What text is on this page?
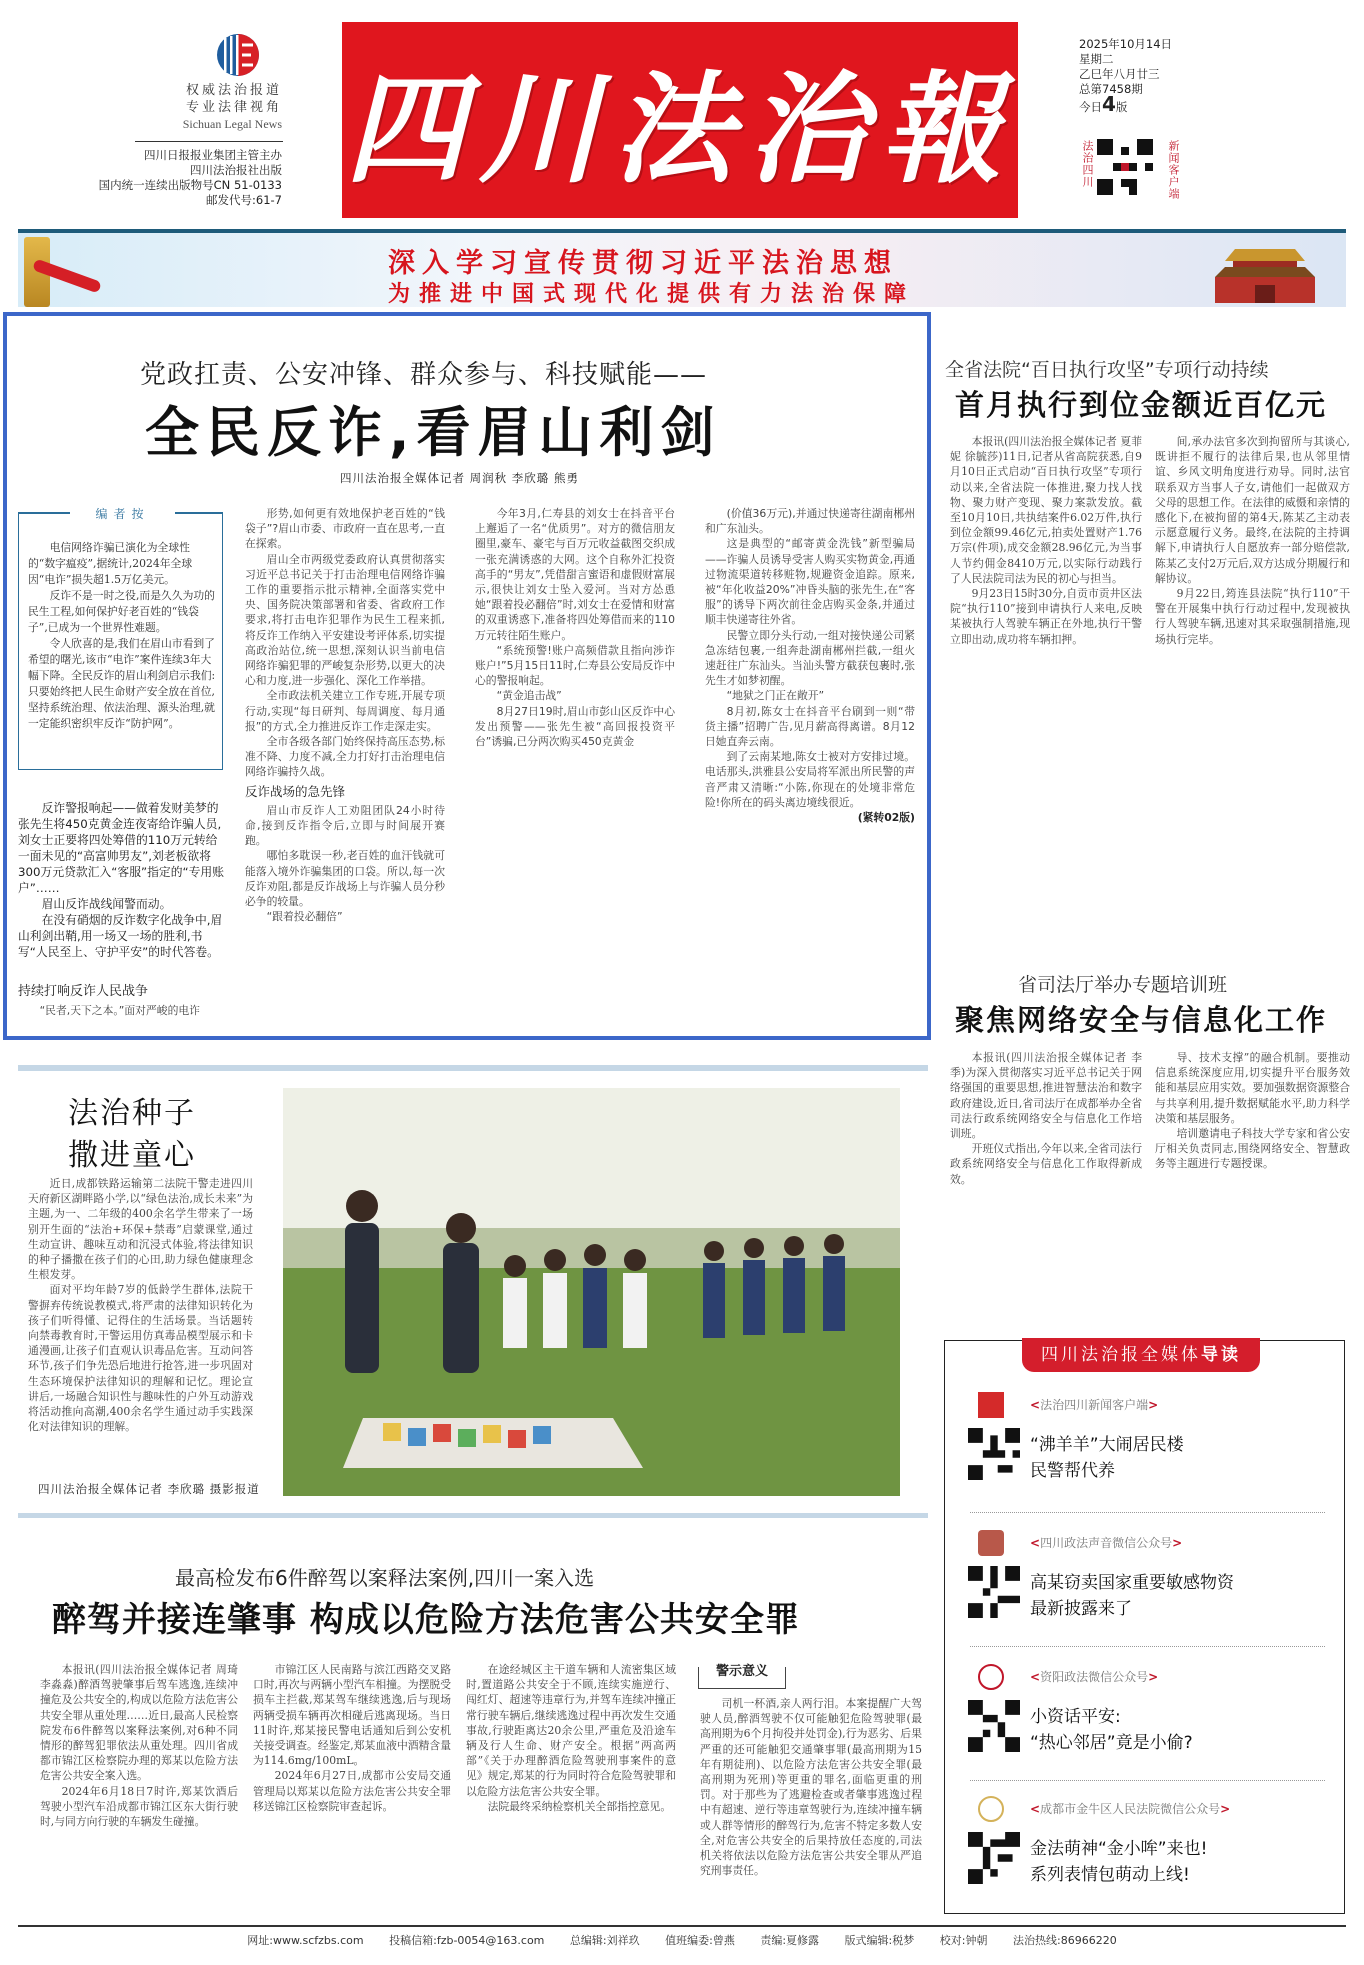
权威法治报道
专业法律视角
Sichuan Legal News
四川日报报业集团主管主办
四川法治报社出版
国内统一连续出版物号CN 51-0133
邮发代号:61-7 四川法治報
2025年10月14日
星期二
乙巳年八月廿三
总第7458期
今日4版
法治四川	新闻客户端
深入学习宣传贯彻习近平法治思想
为推进中国式现代化提供有力法治保障
党政扛责、公安冲锋、群众参与、科技赋能——
全民反诈,看眉山利剑
四川法治报全媒体记者 周润秋 李欣璐 熊勇
编者按

电信网络诈骗已演化为全球性的“数字瘟疫”,据统计,2024年全球因“电诈”损失超1.5万亿美元。

反诈不是一时之役,而是久久为功的民生工程,如何保护好老百姓的“钱袋子”,已成为一个世界性难题。

令人欣喜的是,我们在眉山市看到了希望的曙光,该市“电诈”案件连续3年大幅下降。全民反诈的眉山利剑启示我们:只要始终把人民生命财产安全放在首位,坚持系统治理、依法治理、源头治理,就一定能织密织牢反诈“防护网”。

反诈警报响起——做着发财美梦的张先生将450克黄金连夜寄给诈骗人员,刘女士正要将四处筹借的110万元转给一面未见的“高富帅男友”,刘老板欲将300万元贷款汇入“客服”指定的“专用账户”……

眉山反诈战线闻警而动。

在没有硝烟的反诈数字化战争中,眉山利剑出鞘,用一场又一场的胜利,书写“人民至上、守护平安”的时代答卷。

持续打响反诈人民战争
“民者,天下之本。”面对严峻的电诈

形势,如何更有效地保护老百姓的“钱袋子”?眉山市委、市政府一直在思考,一直在探索。

眉山全市两级党委政府认真贯彻落实习近平总书记关于打击治理电信网络诈骗工作的重要指示批示精神,全面落实党中央、国务院决策部署和省委、省政府工作要求,将打击电诈犯罪作为民生工程来抓,将反诈工作纳入平安建设考评体系,切实提高政治站位,统一思想,深刻认识当前电信网络诈骗犯罪的严峻复杂形势,以更大的决心和力度,进一步强化、深化工作举措。

全市政法机关建立工作专班,开展专项行动,实现“每日研判、每周调度、每月通报”的方式,全力推进反诈工作走深走实。

全市各级各部门始终保持高压态势,标准不降、力度不减,全力打好打击治理电信网络诈骗持久战。

反诈战场的急先锋

眉山市反诈人工劝阻团队24小时待命,接到反诈指令后,立即与时间展开赛跑。

哪怕多耽误一秒,老百姓的血汗钱就可能落入境外诈骗集团的口袋。所以,每一次反诈劝阻,都是反诈战场上与诈骗人员分秒必争的较量。

“跟着投必翻倍”

今年3月,仁寿县的刘女士在抖音平台上邂逅了一名“优质男”。对方的微信朋友圈里,豪车、豪宅与百万元收益截图交织成一张充满诱惑的大网。这个自称外汇投资高手的“男友”,凭借甜言蜜语和虚假财富展示,很快让刘女士坠入爱河。当对方怂恿她“跟着投必翻倍”时,刘女士在爱情和财富的双重诱惑下,准备将四处筹借而来的110万元转往陌生账户。

“系统预警!账户高频借款且指向涉诈账户!”5月15日11时,仁寿县公安局反诈中心的警报响起。

“黄金追击战”

8月27日19时,眉山市彭山区反诈中心发出预警——张先生被“高回报投资平台”诱骗,已分两次购买450克黄金

(价值36万元),并通过快递寄往湖南郴州和广东汕头。

这是典型的“邮寄黄金洗钱”新型骗局——诈骗人员诱导受害人购买实物黄金,再通过物流渠道转移赃物,规避资金追踪。原来,被“年化收益20%”冲昏头脑的张先生,在“客服”的诱导下两次前往金店购买金条,并通过顺丰快递寄往外省。

民警立即分头行动,一组对接快递公司紧急冻结包裹,一组奔赴湖南郴州拦截,一组火速赶往广东汕头。当汕头警方截获包裹时,张先生才如梦初醒。

“地狱之门正在敞开”

8月初,陈女士在抖音平台刷到一则“带货主播”招聘广告,见月薪高得离谱。8月12日她直奔云南。

到了云南某地,陈女士被对方安排过境。电话那头,洪雅县公安局将军派出所民警的声音严肃又清晰:“小陈,你现在的处境非常危险!你所在的码头离边境线很近。

(紧转02版)

全省法院“百日执行攻坚”专项行动持续
首月执行到位金额近百亿元

本报讯(四川法治报全媒体记者 夏菲妮 徐毓莎)11日,记者从省高院获悉,自9月10日正式启动“百日执行攻坚”专项行动以来,全省法院一体推进,聚力找人找物、聚力财产变现、聚力案款发放。截至10月10日,共执结案件6.02万件,执行到位金额99.46亿元,拍卖处置财产1.76万宗(件项),成交金额28.96亿元,为当事人节约佣金8410万元,以实际行动践行了人民法院司法为民的初心与担当。

9月23日15时30分,自贡市贡井区法院“执行110”接到申请执行人来电,反映某被执行人驾驶车辆正在外地,执行干警立即出动,成功将车辆扣押。

间,承办法官多次到拘留所与其谈心,既讲拒不履行的法律后果,也从邻里情谊、乡风文明角度进行劝导。同时,法官联系双方当事人子女,请他们一起做双方父母的思想工作。在法律的威慑和亲情的感化下,在被拘留的第4天,陈某乙主动表示愿意履行义务。最终,在法院的主持调解下,申请执行人自愿放弃一部分赔偿款,陈某乙支付2万元后,双方达成分期履行和解协议。

9月22日,筠连县法院“执行110”干警在开展集中执行行动过程中,发现被执行人驾驶车辆,迅速对其采取强制措施,现场执行完毕。

省司法厅举办专题培训班
聚焦网络安全与信息化工作

本报讯(四川法治报全媒体记者 李季)为深入贯彻落实习近平总书记关于网络强国的重要思想,推进智慧法治和数字政府建设,近日,省司法厅在成都举办全省司法行政系统网络安全与信息化工作培训班。

开班仪式指出,今年以来,全省司法行政系统网络安全与信息化工作取得新成效。

导、技术支撑”的融合机制。要推动信息系统深度应用,切实提升平台服务效能和基层应用实效。要加强数据资源整合与共享利用,提升数据赋能水平,助力科学决策和基层服务。

培训邀请电子科技大学专家和省公安厅相关负责同志,围绕网络安全、智慧政务等主题进行专题授课。

法治种子
撒进童心

近日,成都铁路运输第二法院干警走进四川天府新区湖畔路小学,以“绿色法治,成长未来”为主题,为一、二年级的400余名学生带来了一场别开生面的“法治+环保+禁毒”启蒙课堂,通过生动宣讲、趣味互动和沉浸式体验,将法律知识的种子播撒在孩子们的心田,助力绿色健康理念生根发芽。

面对平均年龄7岁的低龄学生群体,法院干警摒弃传统说教模式,将严肃的法律知识转化为孩子们听得懂、记得住的生活场景。当话题转向禁毒教育时,干警运用仿真毒品模型展示和卡通漫画,让孩子们直观认识毒品危害。互动问答环节,孩子们争先恐后地进行抢答,进一步巩固对生态环境保护法律知识的理解和记忆。理论宣讲后,一场融合知识性与趣味性的户外互动游戏将活动推向高潮,400余名学生通过动手实践深化对法律知识的理解。

四川法治报全媒体记者 李欣璐 摄影报道
最高检发布6件醉驾以案释法案例,四川一案入选
醉驾并接连肇事 构成以危险方法危害公共安全罪

本报讯(四川法治报全媒体记者 周琦 李淼淼)醉酒驾驶肇事后驾车逃逸,连续冲撞危及公共安全的,构成以危险方法危害公共安全罪从重处理……近日,最高人民检察院发布6件醉驾以案释法案例,对6种不同情形的醉驾犯罪依法从重处理。四川省成都市锦江区检察院办理的郑某以危险方法危害公共安全案入选。

2024年6月18日7时许,郑某饮酒后驾驶小型汽车沿成都市锦江区东大街行驶时,与同方向行驶的车辆发生碰撞。

市锦江区人民南路与滨江西路交叉路口时,再次与两辆小型汽车相撞。为摆脱受损车主拦截,郑某驾车继续逃逸,后与现场两辆受损车辆再次相碰后逃离现场。当日11时许,郑某接民警电话通知后到公安机关接受调查。经鉴定,郑某血液中酒精含量为114.6mg/100mL。

2024年6月27日,成都市公安局交通管理局以郑某以危险方法危害公共安全罪移送锦江区检察院审查起诉。

在途经城区主干道车辆和人流密集区域时,置道路公共安全于不顾,连续实施逆行、闯红灯、超速等违章行为,并驾车连续冲撞正常行驶车辆后,继续逃逸过程中再次发生交通事故,行驶距离达20余公里,严重危及沿途车辆及行人生命、财产安全。根据“两高两部”《关于办理醉酒危险驾驶刑事案件的意见》规定,郑某的行为同时符合危险驾驶罪和以危险方法危害公共安全罪。

法院最终采纳检察机关全部指控意见。

警示意义
司机一杯酒,亲人两行泪。本案提醒广大驾驶人员,醉酒驾驶不仅可能触犯危险驾驶罪(最高刑期为6个月拘役并处罚金),行为恶劣、后果严重的还可能触犯交通肇事罪(最高刑期为15年有期徒刑)、以危险方法危害公共安全罪(最高刑期为死刑)等更重的罪名,面临更重的刑罚。对于那些为了逃避检查或者肇事逃逸过程中有超速、逆行等违章驾驶行为,连续冲撞车辆或人群等情形的醉驾行为,危害不特定多数人安全,对危害公共安全的后果持放任态度的,司法机关将依法以危险方法危害公共安全罪从严追究刑事责任。
四川法治报全媒体导读
<法治四川新闻客户端>
“沸羊羊”大闹居民楼
民警帮代养
<四川政法声音微信公众号>
高某窃卖国家重要敏感物资
最新披露来了
<资阳政法微信公众号>
小资话平安:
“热心邻居”竟是小偷?
<成都市金牛区人民法院微信公众号>
金法萌神“金小哞”来也!
系列表情包萌动上线!
网址:www.scfzbs.com 投稿信箱:fzb-0054@163.com 总编辑:刘祥玖 值班编委:曾燕 责编:夏修露 版式编辑:税梦 校对:钟朝 法治热线:86966220
